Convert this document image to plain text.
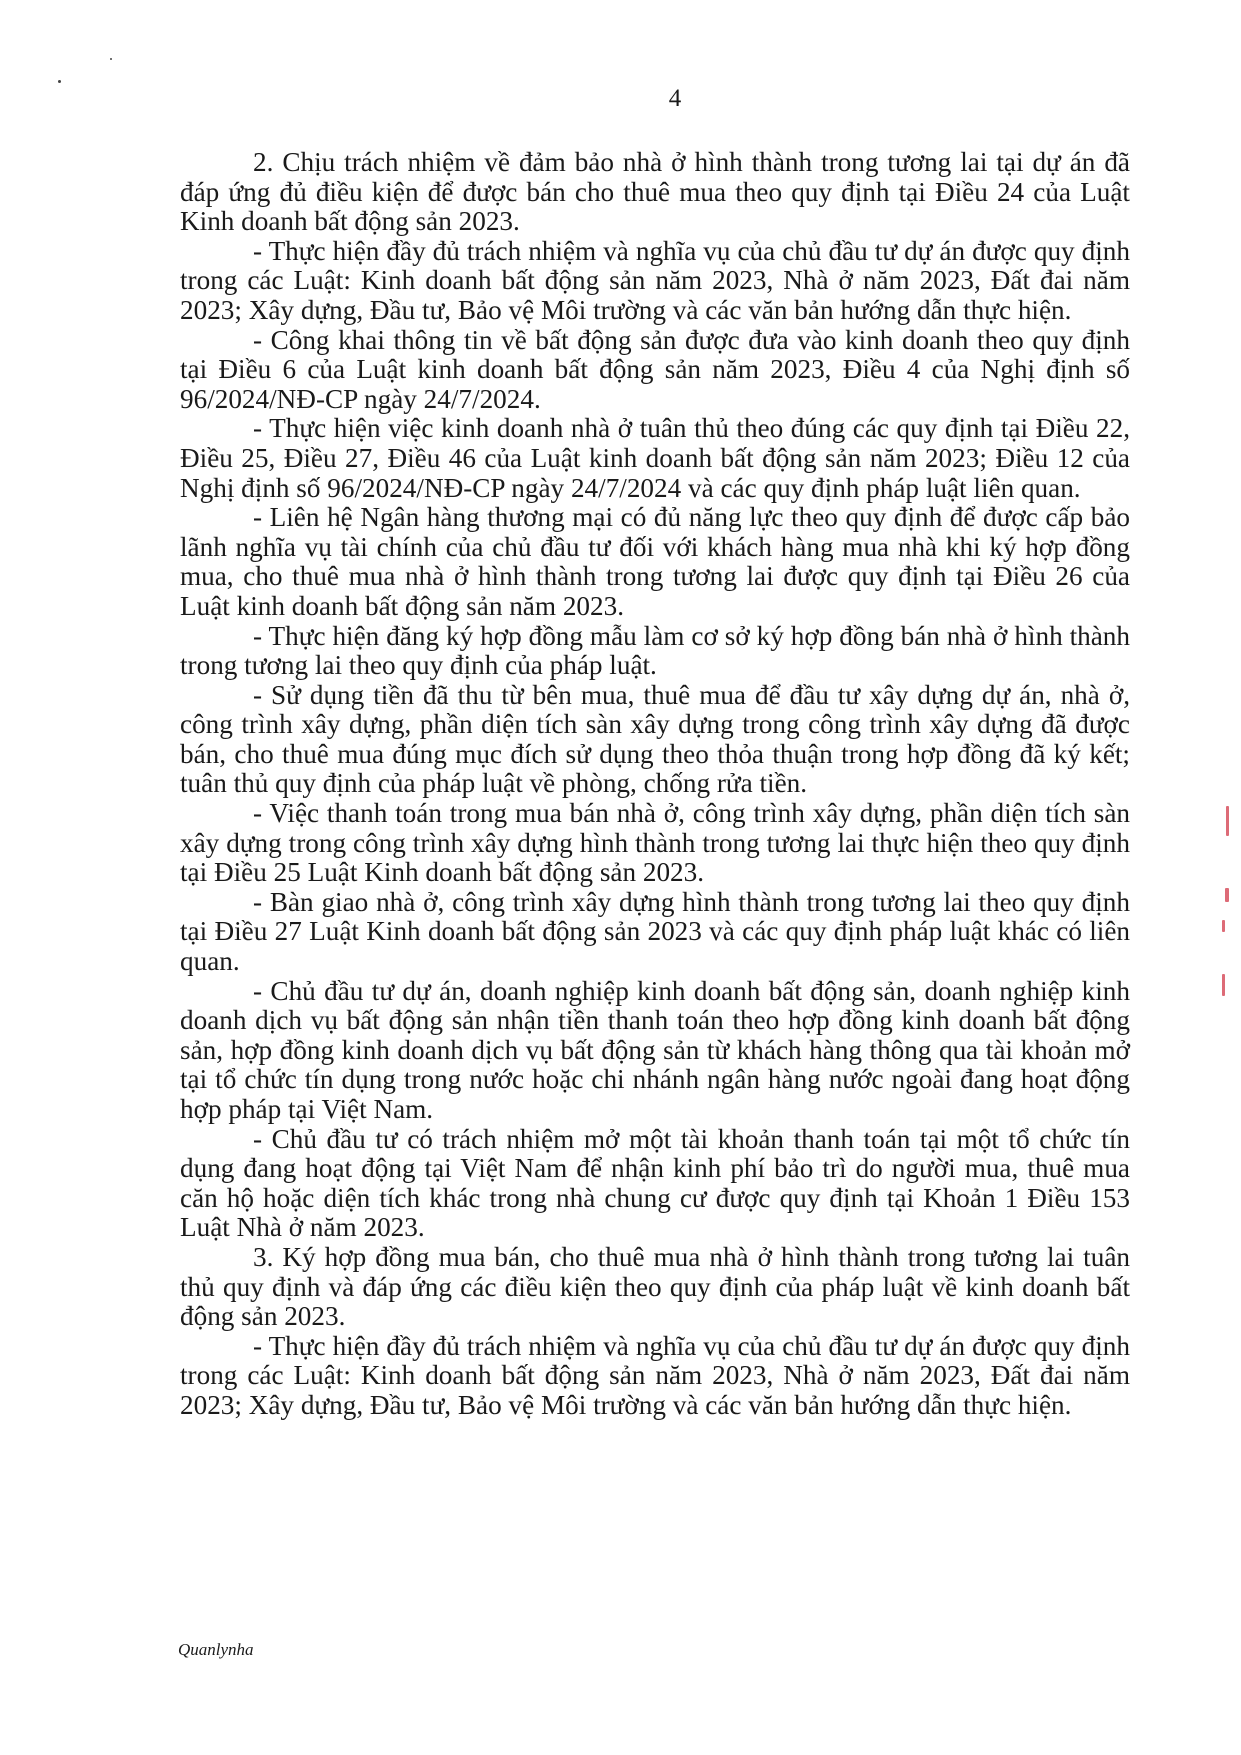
4

2. Chịu trách nhiệm về đảm bảo nhà ở hình thành trong tương lai tại dự án đã đáp ứng đủ điều kiện để được bán cho thuê mua theo quy định tại Điều 24 của Luật Kinh doanh bất động sản 2023.

- Thực hiện đầy đủ trách nhiệm và nghĩa vụ của chủ đầu tư dự án được quy định trong các Luật: Kinh doanh bất động sản năm 2023, Nhà ở năm 2023, Đất đai năm 2023; Xây dựng, Đầu tư, Bảo vệ Môi trường và các văn bản hướng dẫn thực hiện.

- Công khai thông tin về bất động sản được đưa vào kinh doanh theo quy định tại Điều 6 của Luật kinh doanh bất động sản năm 2023, Điều 4 của Nghị định số 96/2024/NĐ-CP ngày 24/7/2024.

- Thực hiện việc kinh doanh nhà ở tuân thủ theo đúng các quy định tại Điều 22, Điều 25, Điều 27, Điều 46 của Luật kinh doanh bất động sản năm 2023; Điều 12 của Nghị định số 96/2024/NĐ-CP ngày 24/7/2024 và các quy định pháp luật liên quan.

- Liên hệ Ngân hàng thương mại có đủ năng lực theo quy định để được cấp bảo lãnh nghĩa vụ tài chính của chủ đầu tư đối với khách hàng mua nhà khi ký hợp đồng mua, cho thuê mua nhà ở hình thành trong tương lai được quy định tại Điều 26 của Luật kinh doanh bất động sản năm 2023.

- Thực hiện đăng ký hợp đồng mẫu làm cơ sở ký hợp đồng bán nhà ở hình thành trong tương lai theo quy định của pháp luật.

- Sử dụng tiền đã thu từ bên mua, thuê mua để đầu tư xây dựng dự án, nhà ở, công trình xây dựng, phần diện tích sàn xây dựng trong công trình xây dựng đã được bán, cho thuê mua đúng mục đích sử dụng theo thỏa thuận trong hợp đồng đã ký kết; tuân thủ quy định của pháp luật về phòng, chống rửa tiền.

- Việc thanh toán trong mua bán nhà ở, công trình xây dựng, phần diện tích sàn xây dựng trong công trình xây dựng hình thành trong tương lai thực hiện theo quy định tại Điều 25 Luật Kinh doanh bất động sản 2023.

- Bàn giao nhà ở, công trình xây dựng hình thành trong tương lai theo quy định tại Điều 27 Luật Kinh doanh bất động sản 2023 và các quy định pháp luật khác có liên quan.

- Chủ đầu tư dự án, doanh nghiệp kinh doanh bất động sản, doanh nghiệp kinh doanh dịch vụ bất động sản nhận tiền thanh toán theo hợp đồng kinh doanh bất động sản, hợp đồng kinh doanh dịch vụ bất động sản từ khách hàng thông qua tài khoản mở tại tổ chức tín dụng trong nước hoặc chi nhánh ngân hàng nước ngoài đang hoạt động hợp pháp tại Việt Nam.

- Chủ đầu tư có trách nhiệm mở một tài khoản thanh toán tại một tổ chức tín dụng đang hoạt động tại Việt Nam để nhận kinh phí bảo trì do người mua, thuê mua căn hộ hoặc diện tích khác trong nhà chung cư được quy định tại Khoản 1 Điều 153 Luật Nhà ở năm 2023.

3. Ký hợp đồng mua bán, cho thuê mua nhà ở hình thành trong tương lai tuân thủ quy định và đáp ứng các điều kiện theo quy định của pháp luật về kinh doanh bất động sản 2023.

- Thực hiện đầy đủ trách nhiệm và nghĩa vụ của chủ đầu tư dự án được quy định trong các Luật: Kinh doanh bất động sản năm 2023, Nhà ở năm 2023, Đất đai năm 2023; Xây dựng, Đầu tư, Bảo vệ Môi trường và các văn bản hướng dẫn thực hiện.

Quanlynha
